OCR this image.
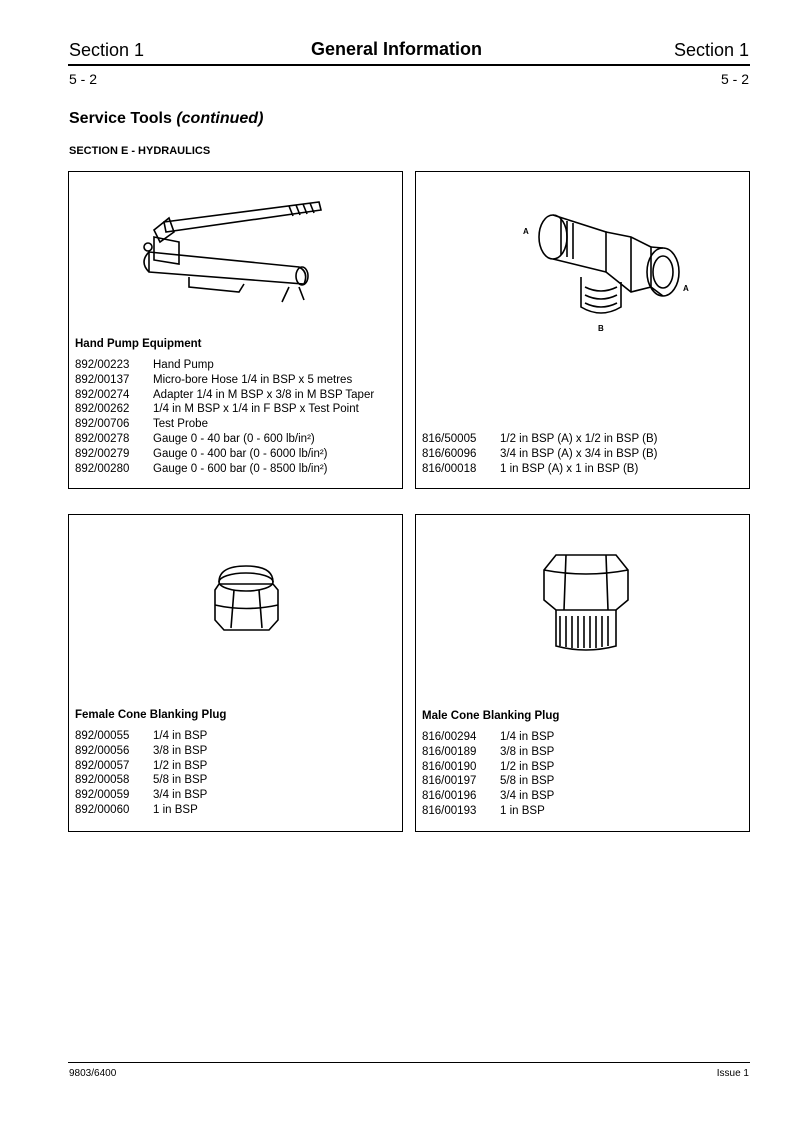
Section 1	General Information	Section 1
5 - 2	5 - 2
Service Tools (continued)
SECTION E - HYDRAULICS
Hand Pump Equipment
892/00223	Hand Pump
892/00137	Micro-bore Hose 1/4 in BSP x 5 metres
892/00274	Adapter 1/4 in M BSP x 3/8 in M BSP Taper
892/00262	1/4 in M BSP x 1/4 in F BSP x Test Point
892/00706	Test Probe
892/00278	Gauge 0 - 40 bar (0 - 600 lb/in²)
892/00279	Gauge 0 - 400 bar (0 - 6000 lb/in²)
892/00280	Gauge 0 - 600 bar (0 - 8500 lb/in²)
A
A
B
816/50005	1/2 in BSP (A) x 1/2 in BSP (B)
816/60096	3/4 in BSP (A) x 3/4 in BSP (B)
816/00018	1 in BSP (A) x 1 in BSP (B)
Female Cone Blanking Plug
892/00055	1/4 in BSP
892/00056	3/8 in BSP
892/00057	1/2 in BSP
892/00058	5/8 in BSP
892/00059	3/4 in BSP
892/00060	1 in BSP
Male Cone Blanking Plug
816/00294	1/4 in BSP
816/00189	3/8 in BSP
816/00190	1/2 in BSP
816/00197	5/8 in BSP
816/00196	3/4 in BSP
816/00193	1 in BSP
9803/6400	Issue 1
